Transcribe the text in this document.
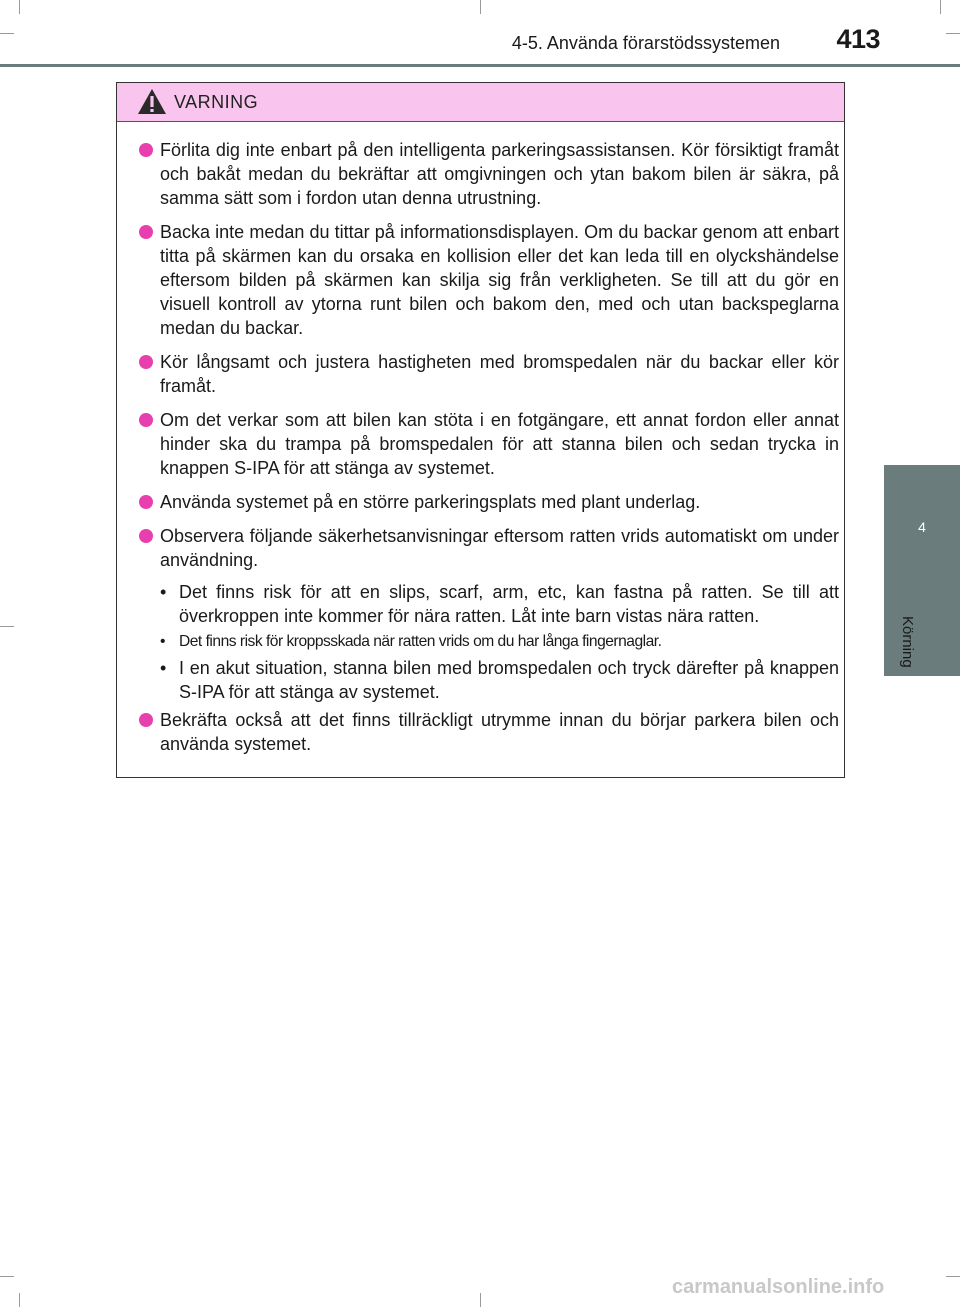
4-5. Använda förarstödssystemen	413
4
Körning
VARNING
Förlita dig inte enbart på den intelligenta parkeringsassistansen. Kör försiktigt framåt och bakåt medan du bekräftar att omgivningen och ytan bakom bilen är säkra, på samma sätt som i fordon utan denna utrustning.
Backa inte medan du tittar på informationsdisplayen. Om du backar genom att enbart titta på skärmen kan du orsaka en kollision eller det kan leda till en olyckshändelse eftersom bilden på skärmen kan skilja sig från verkligheten. Se till att du gör en visuell kontroll av ytorna runt bilen och bakom den, med och utan backspeglarna medan du backar.
Kör långsamt och justera hastigheten med bromspedalen när du backar eller kör framåt.
Om det verkar som att bilen kan stöta i en fotgängare, ett annat fordon eller annat hinder ska du trampa på bromspedalen för att stanna bilen och sedan trycka in knappen S-IPA för att stänga av systemet.
Använda systemet på en större parkeringsplats med plant underlag.
Observera följande säkerhetsanvisningar eftersom ratten vrids automatiskt om under användning.
• Det finns risk för att en slips, scarf, arm, etc, kan fastna på ratten. Se till att överkroppen inte kommer för nära ratten. Låt inte barn vistas nära ratten.
• Det finns risk för kroppsskada när ratten vrids om du har långa fingernaglar.
• I en akut situation, stanna bilen med bromspedalen och tryck därefter på knappen S-IPA för att stänga av systemet.
Bekräfta också att det finns tillräckligt utrymme innan du börjar parkera bilen och använda systemet.
carmanualsonline.info
